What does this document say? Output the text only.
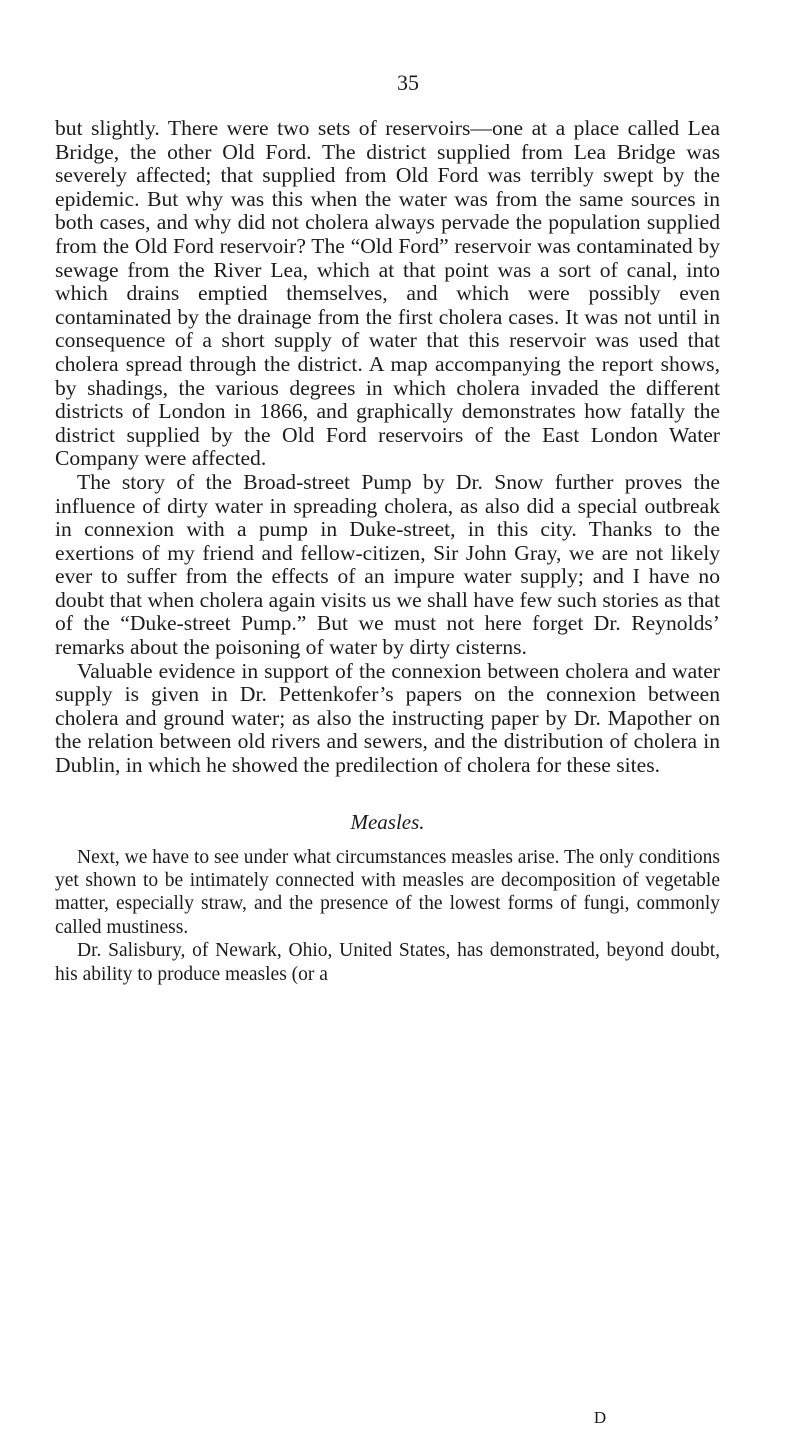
35

but slightly. There were two sets of reservoirs—one at a place called Lea Bridge, the other Old Ford. The district supplied from Lea Bridge was severely affected; that supplied from Old Ford was terribly swept by the epidemic. But why was this when the water was from the same sources in both cases, and why did not cholera always pervade the population supplied from the Old Ford reservoir? The “Old Ford” reservoir was contaminated by sewage from the River Lea, which at that point was a sort of canal, into which drains emptied themselves, and which were possibly even contaminated by the drainage from the first cholera cases. It was not until in consequence of a short supply of water that this reservoir was used that cholera spread through the district. A map accompanying the report shows, by shadings, the various degrees in which cholera invaded the different districts of London in 1866, and graphically demonstrates how fatally the district supplied by the Old Ford reservoirs of the East London Water Company were affected.

The story of the Broad-street Pump by Dr. Snow further proves the influence of dirty water in spreading cholera, as also did a special outbreak in connexion with a pump in Duke-street, in this city. Thanks to the exertions of my friend and fellow-citizen, Sir John Gray, we are not likely ever to suffer from the effects of an impure water supply; and I have no doubt that when cholera again visits us we shall have few such stories as that of the “Duke-street Pump.” But we must not here forget Dr. Reynolds’ remarks about the poisoning of water by dirty cisterns.

Valuable evidence in support of the connexion between cholera and water supply is given in Dr. Pettenkofer’s papers on the connexion between cholera and ground water; as also the instructing paper by Dr. Mapother on the relation between old rivers and sewers, and the distribution of cholera in Dublin, in which he showed the predilection of cholera for these sites.

Measles.

Next, we have to see under what circumstances measles arise. The only conditions yet shown to be intimately connected with measles are decomposition of vegetable matter, especially straw, and the presence of the lowest forms of fungi, commonly called mustiness.

Dr. Salisbury, of Newark, Ohio, United States, has demonstrated, beyond doubt, his ability to produce measles (or a

D
